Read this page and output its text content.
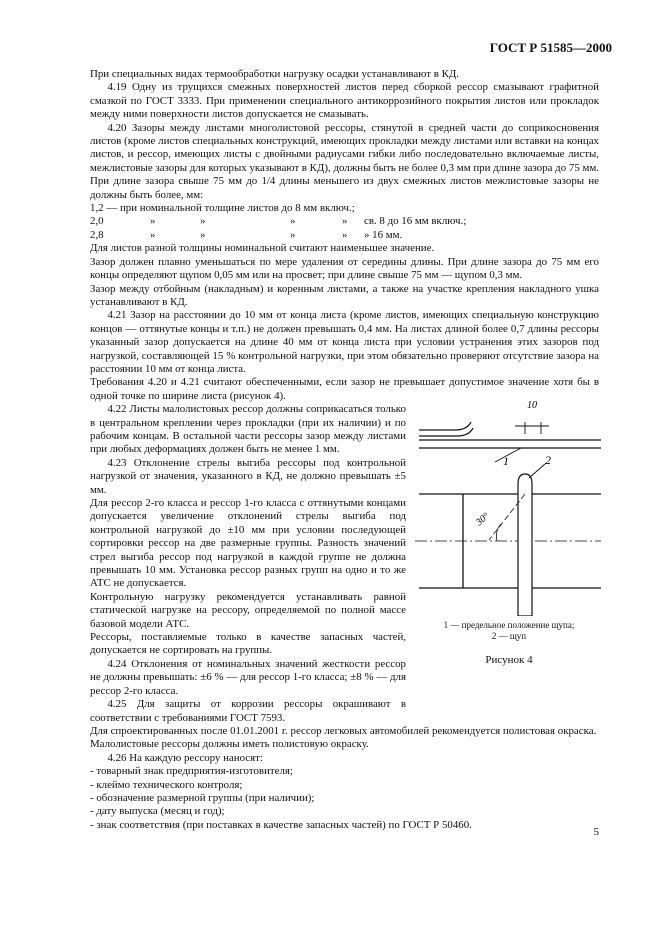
ГОСТ Р 51585—2000

При специальных видах термообработки нагрузку осадки устанавливают в КД.

4.19 Одну из трущихся смежных поверхностей листов перед сборкой рессор смазывают графитной смазкой по ГОСТ 3333. При применении специального антикоррозийного покрытия листов или прокладок между ними поверхности листов допускается не смазывать.

4.20 Зазоры между листами многолистовой рессоры, стянутой в средней части до соприкосновения листов (кроме листов специальных конструкций, имеющих прокладки между листами или вставки на концах листов, и рессор, имеющих листы с двойными радиусами гибки либо последовательно включаемые листы, межлистовые зазоры для которых указывают в КД), должны быть не более 0,3 мм при длине зазора до 75 мм. При длине зазора свыше 75 мм до 1/4 длины меньшего из двух смежных листов межлистовые зазоры не должны быть более, мм:

1,2 — при номинальной толщине листов до 8 мм включ.;					
2,0	»	»	»	»	св. 8 до 16 мм включ.;
2,8	»	»	»	»	» 16 мм.

Для листов разной толщины номинальной считают наименьшее значение.

Зазор должен плавно уменьшаться по мере удаления от середины длины. При длине зазора до 75 мм его концы определяют щупом 0,05 мм или на просвет; при длине свыше 75 мм — щупом 0,3 мм.

Зазор между отбойным (накладным) и коренным листами, а также на участке крепления накладного ушка устанавливают в КД.

4.21 Зазор на расстоянии до 10 мм от конца листа (кроме листов, имеющих специальную конструкцию концов — оттянутые концы и т.п.) не должен превышать 0,4 мм. На листах длиной более 0,7 длины рессоры указанный зазор допускается на длине 40 мм от конца листа при условии устранения этих зазоров под нагрузкой, составляющей 15 % контрольной нагрузки, при этом обязательно проверяют отсутствие зазора на расстоянии 10 мм от конца листа.

Требования 4.20 и 4.21 считают обеспеченными, если зазор не превышает допустимое значение хотя бы в одной точке по ширине листа (рисунок 4).

4.22 Листы малолистовых рессор должны соприкасаться только в центральном креплении через прокладки (при их наличии) и по рабочим концам. В остальной части рессоры зазор между листами при любых деформациях должен быть не менее 1 мм.

4.23 Отклонение стрелы выгиба рессоры под контрольной нагрузкой от значения, указанного в КД, не должно превышать ±5 мм.

Для рессор 2-го класса и рессор 1-го класса с оттянутыми концами допускается увеличение отклонений стрелы выгиба под контрольной нагрузкой до ±10 мм при условии последующей сортировки рессор на две размерные группы. Разность значений стрел выгиба рессор под нагрузкой в каждой группе не должна превышать 10 мм. Установка рессор разных групп на одно и то же АТС не допускается.

Контрольную нагрузку рекомендуется устанавливать равной статической нагрузке на рессору, определяемой по полной массе базовой модели АТС.

Рессоры, поставляемые только в качестве запасных частей, допускается не сортировать на группы.

4.24 Отклонения от номинальных значений жесткости рессор не должны превышать: ±6 % — для рессор 1-го класса; ±8 % — для рессор 2-го класса.

4.25 Для защиты от коррозии рессоры окрашивают в соответствии с требованиями ГОСТ 7593.

Для спроектированных после 01.01.2001 г. рессор легковых автомобилей рекомендуется полистовая окраска.

Малолистовые рессоры должны иметь полистовую окраску.

4.26 На каждую рессору наносят:

- товарный знак предприятия-изготовителя;
- клеймо технического контроля;
- обозначение размерной группы (при наличии);
- дату выпуска (месяц и год);
- знак соответствия (при поставках в качестве запасных частей) по ГОСТ Р 50460.
10
1
30°
2
1 — предельное положение щупа;
2 — щуп
Рисунок 4
5
